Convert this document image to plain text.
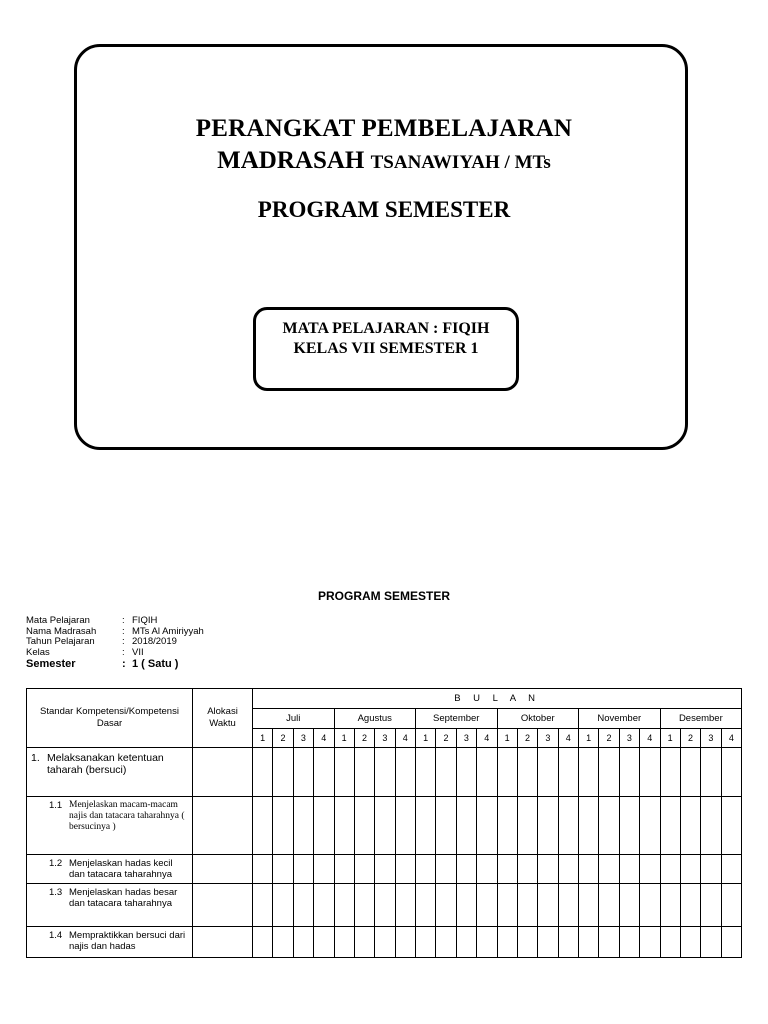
PERANGKAT PEMBELAJARAN
MADRASAH TSANAWIYAH / MTs
PROGRAM SEMESTER
MATA PELAJARAN : FIQIH
KELAS VII SEMESTER 1
PROGRAM SEMESTER
Mata Pelajaran	: FIQIH
Nama Madrasah	: MTs Al Amiriyyah
Tahun Pelajaran	: 2018/2019
Kelas	: VII
Semester	: 1 ( Satu )
Standar Kompetensi/Kompetensi Dasar	Alokasi Waktu	B U L A N																							
		Juli				Agustus				September				Oktober				November				Desember			
		1	2	3	4	1	2	3	4	1	2	3	4	1	2	3	4	1	2	3	4	1	2	3	4

1. Melaksanakan ketentuan taharah (bersuci)																									

1.1 Menjelaskan macam-macam najis dan tatacara taharahnya ( bersucinya )																									

1.2 Menjelaskan hadas kecil dan tatacara taharahnya																									

1.3 Menjelaskan hadas besar dan tatacara taharahnya																									

1.4 Mempraktikkan bersuci dari najis dan hadas																									
